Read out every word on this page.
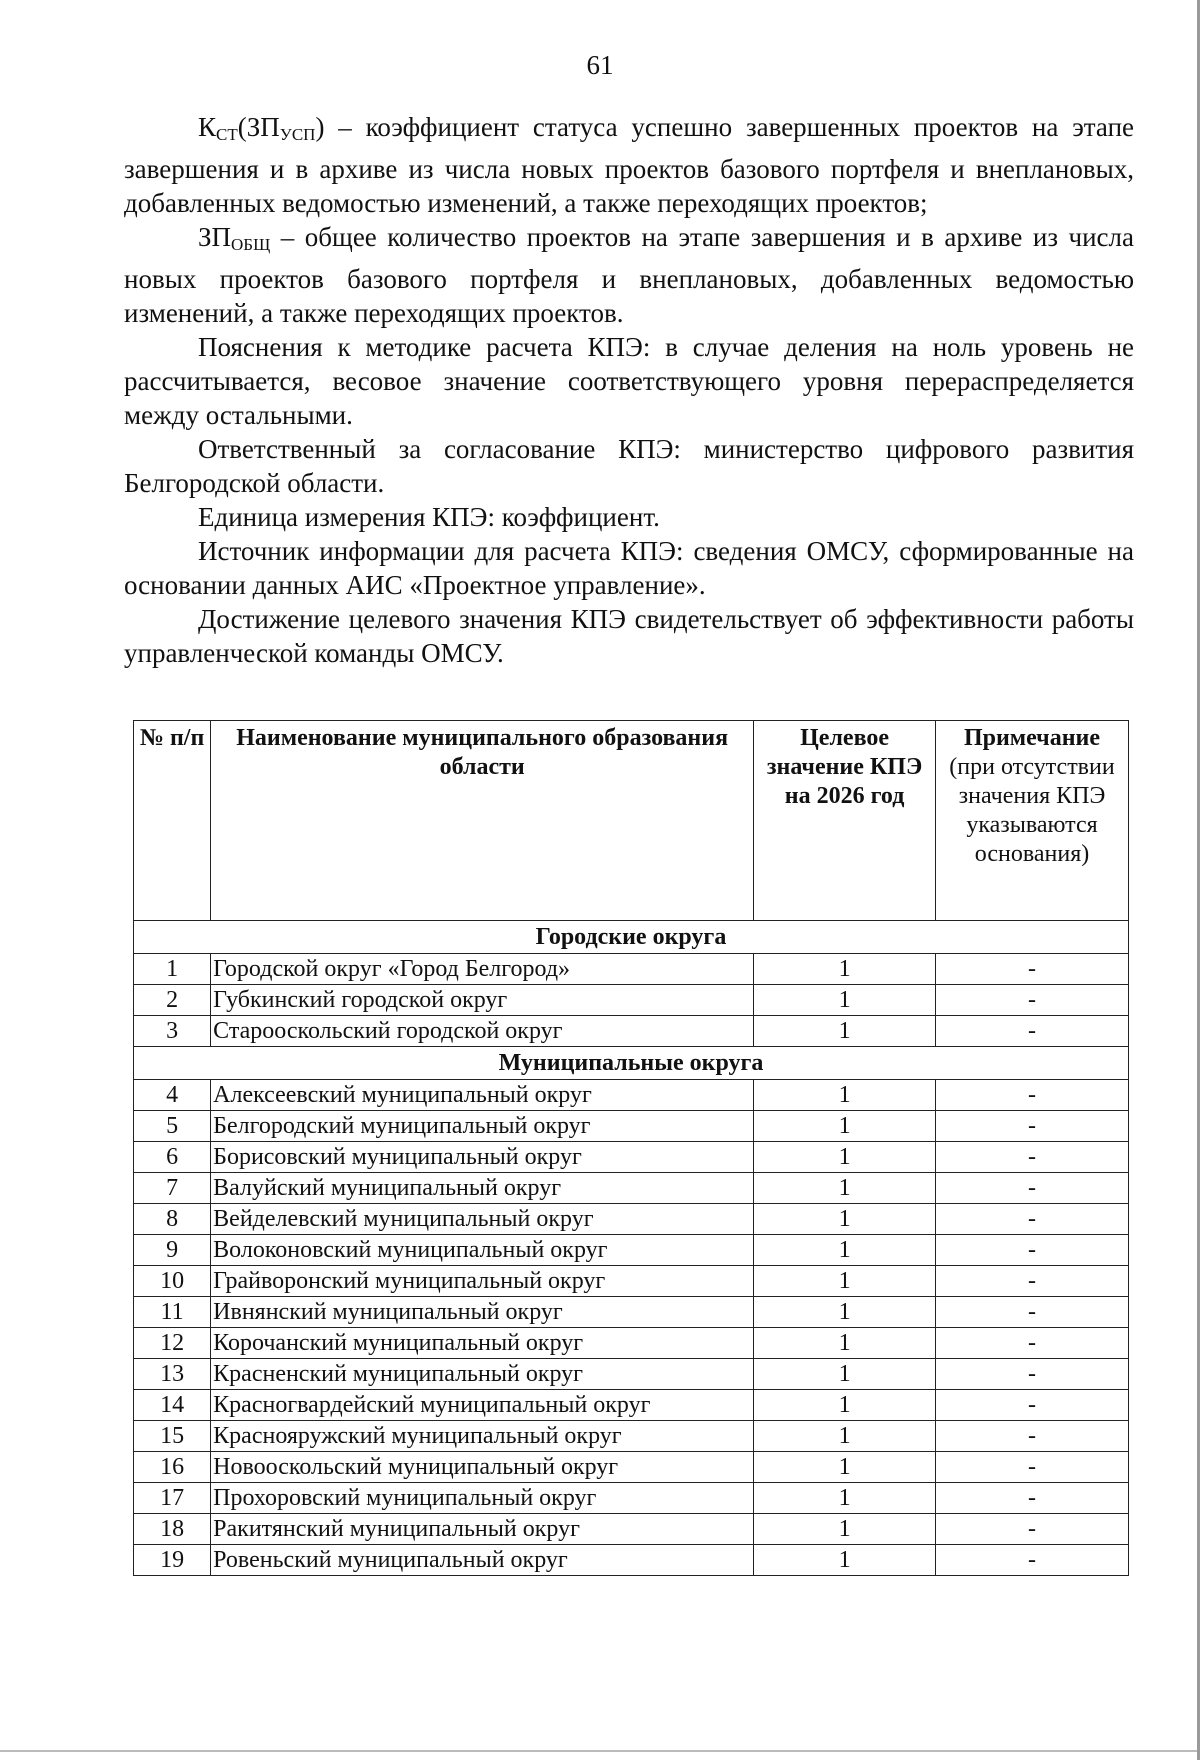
61

$К_{СТ}(ЗП_{УСП})$ – коэффициент статуса успешно завершенных проектов на этапе завершения и в архиве из числа новых проектов базового портфеля и внеплановых, добавленных ведомостью изменений, а также переходящих проектов;

$ЗП_{ОБЩ}$ – общее количество проектов на этапе завершения и в архиве из числа новых проектов базового портфеля и внеплановых, добавленных ведомостью изменений, а также переходящих проектов.

Пояснения к методике расчета КПЭ: в случае деления на ноль уровень не рассчитывается, весовое значение соответствующего уровня перераспределяется между остальными.

Ответственный за согласование КПЭ: министерство цифрового развития Белгородской области.

Единица измерения КПЭ: коэффициент.

Источник информации для расчета КПЭ: сведения ОМСУ, сформированные на основании данных АИС «Проектное управление».

Достижение целевого значения КПЭ свидетельствует об эффективности работы управленческой команды ОМСУ.

№ п/п	Наименование муниципального образования области	Целевое значение КПЭ на 2026 год	Примечание
(при отсутствии значения КПЭ указываются основания)
Городские округа			
1	Городской округ «Город Белгород»	1	-
2	Губкинский городской округ	1	-
3	Старооскольский городской округ	1	-
Муниципальные округа			
4	Алексеевский муниципальный округ	1	-
5	Белгородский муниципальный округ	1	-
6	Борисовский муниципальный округ	1	-
7	Валуйский муниципальный округ	1	-
8	Вейделевский муниципальный округ	1	-
9	Волоконовский муниципальный округ	1	-
10	Грайворонский муниципальный округ	1	-
11	Ивнянский муниципальный округ	1	-
12	Корочанский муниципальный округ	1	-
13	Красненский муниципальный округ	1	-
14	Красногвардейский муниципальный округ	1	-
15	Краснояружский муниципальный округ	1	-
16	Новооскольский муниципальный округ	1	-
17	Прохоровский муниципальный округ	1	-
18	Ракитянский муниципальный округ	1	-
19	Ровеньский муниципальный округ	1	-
